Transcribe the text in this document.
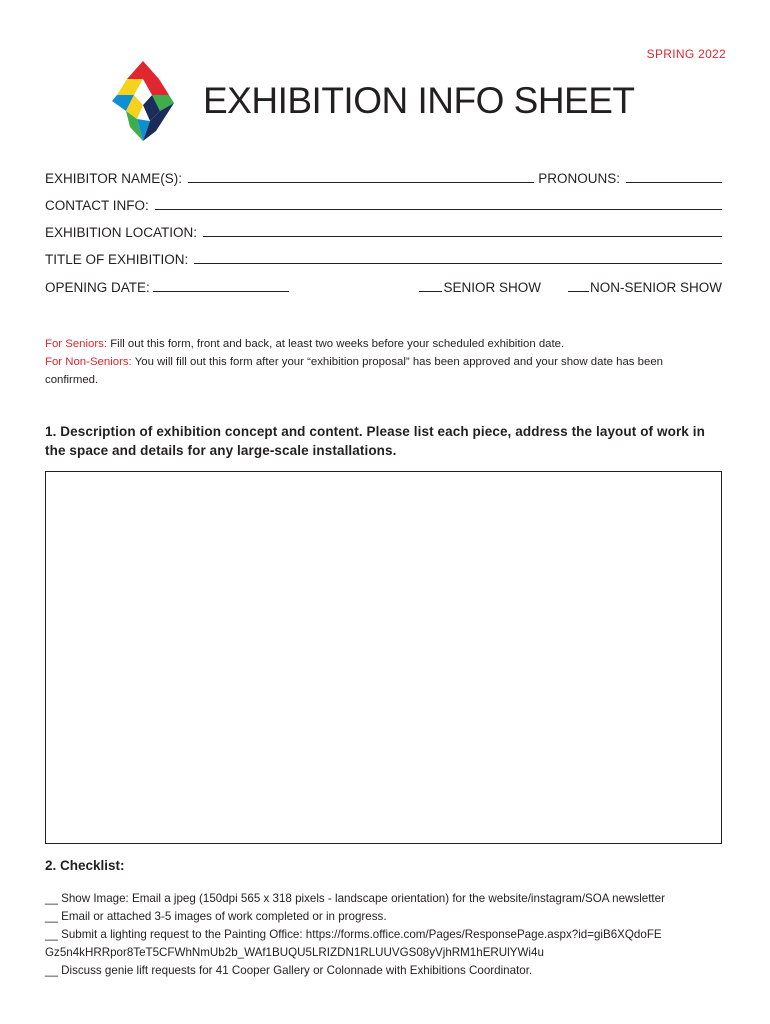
SPRING 2022
EXHIBITION INFO SHEET
EXHIBITOR NAME(S):	PRONOUNS:
CONTACT INFO:
EXHIBITION LOCATION:
TITLE OF EXHIBITION:
OPENING DATE:	SENIOR SHOW	NON-SENIOR SHOW
For Seniors: Fill out this form, front and back, at least two weeks before your scheduled exhibition date.
For Non-Seniors: You will fill out this form after your “exhibition proposal” has been approved and your show date has been confirmed.
1. Description of exhibition concept and content. Please list each piece, address the layout of work in the space and details for any large-scale installations.
2. Checklist:
__ Show Image: Email a jpeg (150dpi 565 x 318 pixels - landscape orientation) for the website/instagram/SOA newsletter
__ Email or attached 3-5 images of work completed or in progress.
__ Submit a lighting request to the Painting Office: https://forms.office.com/Pages/ResponsePage.aspx?id=giB6XQdoFE
Gz5n4kHRRpor8TeT5CFWhNmUb2b_WAf1BUQU5LRIZDN1RLUUVGS08yVjhRM1hERUlYWi4u
__ Discuss genie lift requests for 41 Cooper Gallery or Colonnade with Exhibitions Coordinator.
